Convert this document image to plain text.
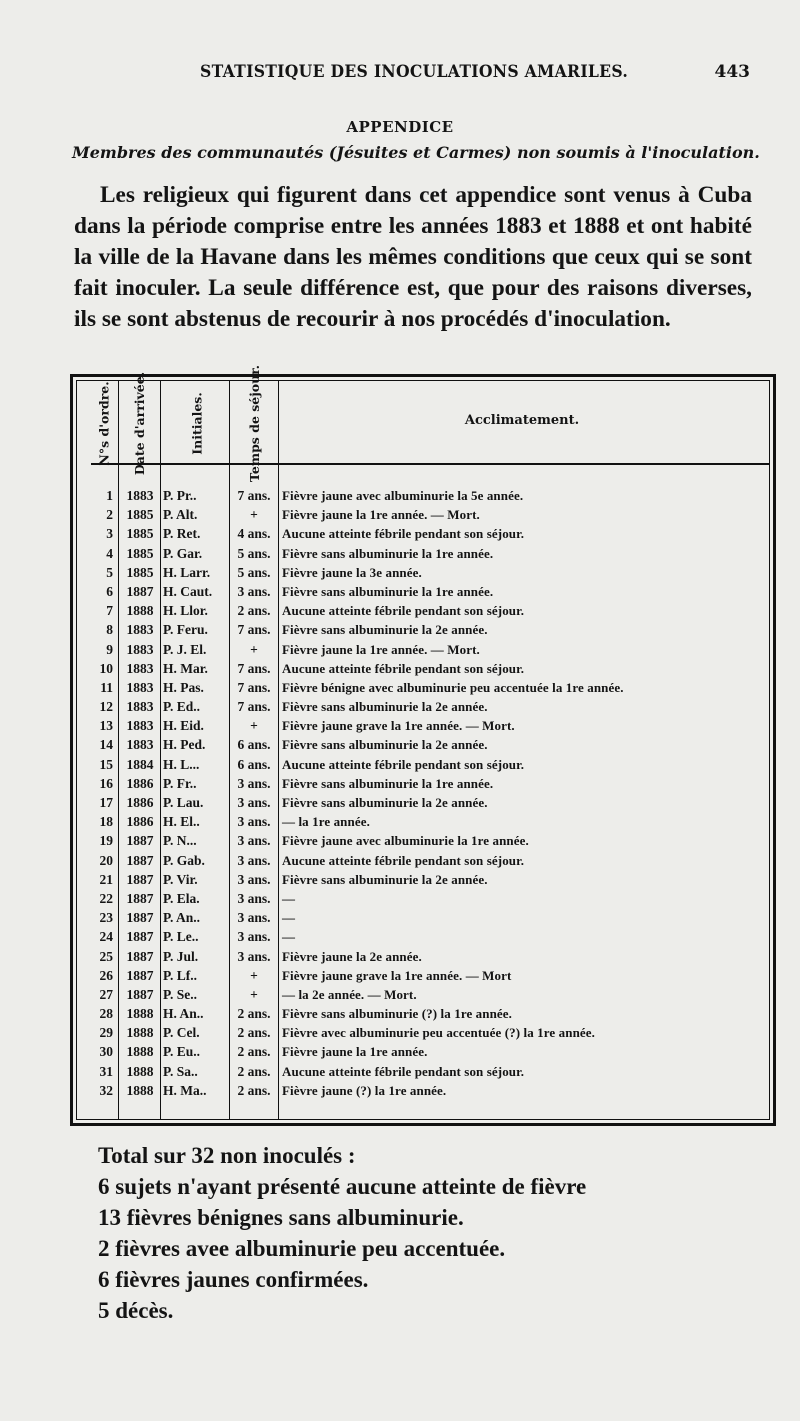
STATISTIQUE DES INOCULATIONS AMARILES.	443
APPENDICE
Membres des communautés (Jésuites et Carmes) non soumis à l'inoculation.

Les religieux qui figurent dans cet appendice sont venus à Cuba dans la période comprise entre les années 1883 et 1888 et ont habité la ville de la Havane dans les mêmes conditions que ceux qui se sont fait inoculer. La seule différence est, que pour des raisons diverses, ils se sont abstenus de recourir à nos procédés d'inoculation.

N°s d'ordre. Date d'arrivée.	Initiales.	Temps de séjour.	Acclimatement.
1	1883 P. Pr..	7 ans. Fièvre jaune avec albuminurie la 5e année.
2	1885 P. Alt.	+	Fièvre jaune la 1re année. — Mort.
3	1885 P. Ret.	4 ans. Aucune atteinte fébrile pendant son séjour.
4	1885 P. Gar.	5 ans. Fièvre sans albuminurie la 1re année.
5	1885 H. Larr.	5 ans. Fièvre jaune la 3e année.
6	1887 H. Caut.	3 ans. Fièvre sans albuminurie la 1re année.
7	1888 H. Llor.	2 ans. Aucune atteinte fébrile pendant son séjour.
8	1883 P. Feru.	7 ans. Fièvre sans albuminurie la 2e année.
9	1883 P. J. El.	+	Fièvre jaune la 1re année. — Mort.
10	1883 H. Mar.	7 ans. Aucune atteinte fébrile pendant son séjour.
11	1883 H. Pas.	7 ans. Fièvre bénigne avec albuminurie peu accentuée la 1re année.
12	1883 P. Ed..	7 ans. Fièvre sans albuminurie la 2e année.
13	1883 H. Eid.	+	Fièvre jaune grave la 1re année. — Mort.
14	1883 H. Ped.	6 ans. Fièvre sans albuminurie la 2e année.
15	1884 H. L...	6 ans. Aucune atteinte fébrile pendant son séjour.
16	1886 P. Fr..	3 ans. Fièvre sans albuminurie la 1re année.
17	1886 P. Lau.	3 ans. Fièvre sans albuminurie la 2e année.
18	1886 H. El..	3 ans. — la 1re année.
19	1887 P. N...	3 ans. Fièvre jaune avec albuminurie la 1re année.
20	1887 P. Gab.	3 ans. Aucune atteinte fébrile pendant son séjour.
21	1887 P. Vir.	3 ans. Fièvre sans albuminurie la 2e année.
22	1887 P. Ela.	3 ans. —
23	1887 P. An..	3 ans. —
24	1887 P. Le..	3 ans. —
25	1887 P. Jul.	3 ans. Fièvre jaune la 2e année.
26	1887 P. Lf..	+	Fièvre jaune grave la 1re année. — Mort
27	1887 P. Se..	+	— la 2e année. — Mort.
28	1888 H. An..	2 ans. Fièvre sans albuminurie (?) la 1re année.
29	1888 P. Cel.	2 ans. Fièvre avec albuminurie peu accentuée (?) la 1re année.
30	1888 P. Eu..	2 ans. Fièvre jaune la 1re année.
31	1888 P. Sa..	2 ans. Aucune atteinte fébrile pendant son séjour.
32	1888 H. Ma..	2 ans. Fièvre jaune (?) la 1re année.
Total sur 32 non inoculés :
6 sujets n'ayant présenté aucune atteinte de fièvre
13 fièvres bénignes sans albuminurie.
2 fièvres avee albuminurie peu accentuée.
6 fièvres jaunes confirmées.
5 décès.
